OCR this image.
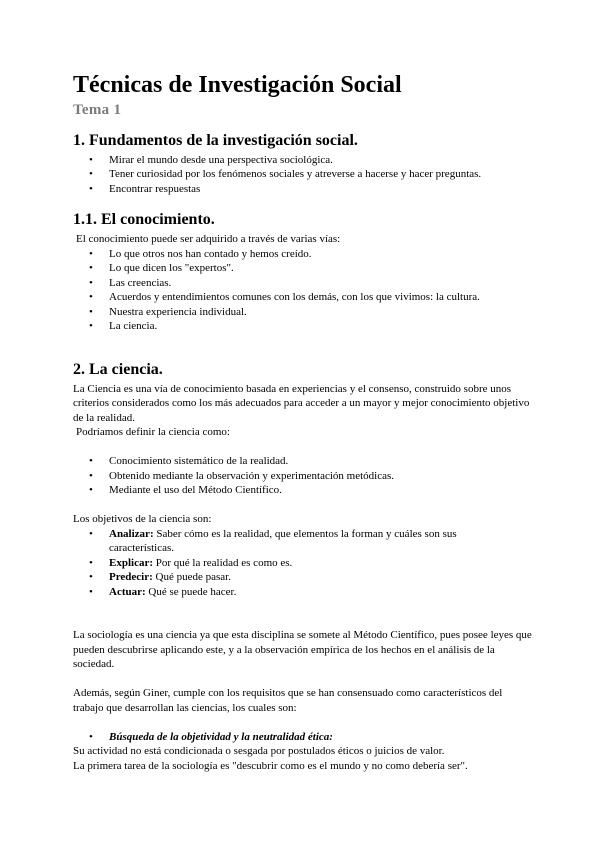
Técnicas de Investigación Social
Tema 1
1. Fundamentos de la investigación social.
• Mirar el mundo desde una perspectiva sociológica.
• Tener curiosidad por los fenómenos sociales y atreverse a hacerse y hacer preguntas.
• Encontrar respuestas
1.1. El conocimiento.

El conocimiento puede ser adquirido a través de varias vías:

• Lo que otros nos han contado y hemos creído.
• Lo que dicen los "expertos".
• Las creencias.
• Acuerdos y entendimientos comunes con los demás, con los que vivimos: la cultura.
• Nuestra experiencia individual.
• La ciencia.
2. La ciencia.

La Ciencia es una vía de conocimiento basada en experiencias y el consenso, construido sobre unos criterios considerados como los más adecuados para acceder a un mayor y mejor conocimiento objetivo de la realidad.

Podríamos definir la ciencia como:

• Conocimiento sistemático de la realidad.
• Obtenido mediante la observación y experimentación metódicas.
• Mediante el uso del Método Científico.

Los objetivos de la ciencia son:

• Analizar: Saber cómo es la realidad, que elementos la forman y cuáles son sus características.
• Explicar: Por qué la realidad es como es.
• Predecir: Qué puede pasar.
• Actuar: Qué se puede hacer.

La sociología es una ciencia ya que esta disciplina se somete al Método Científico, pues posee leyes que pueden descubrirse aplicando este, y a la observación empírica de los hechos en el análisis de la sociedad.

Además, según Giner, cumple con los requisitos que se han consensuado como característicos del trabajo que desarrollan las ciencias, los cuales son:

• Búsqueda de la objetividad y la neutralidad ética:

Su actividad no está condicionada o sesgada por postulados éticos o juicios de valor.

La primera tarea de la sociología es "descubrir como es el mundo y no como debería ser".
